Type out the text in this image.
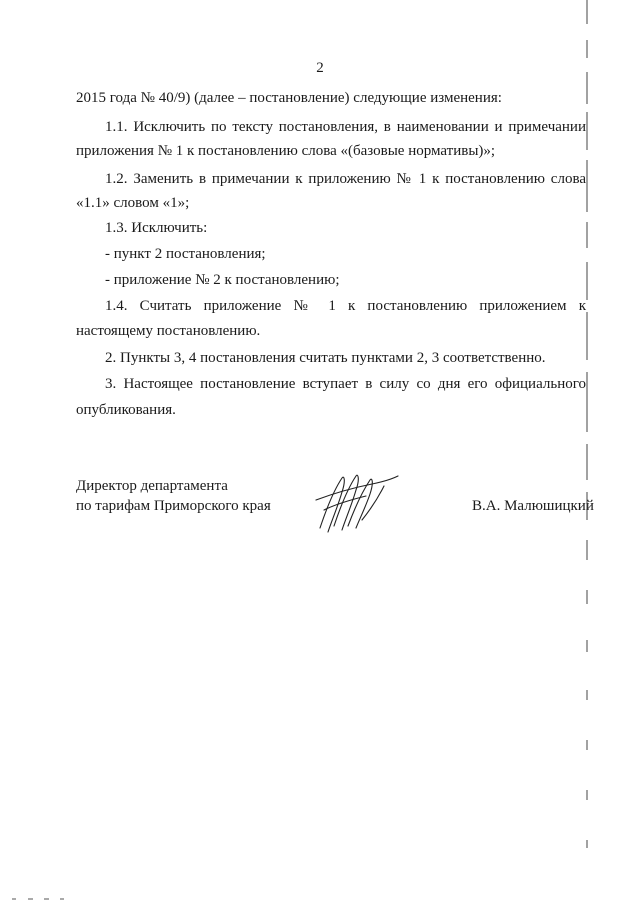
2
2015 года № 40/9) (далее – постановление) следующие изменения:
1.1. Исключить по тексту постановления, в наименовании и примечании
приложения № 1 к постановлению слова «(базовые нормативы)»;
1.2. Заменить в примечании к приложению № 1 к постановлению слова
«1.1» словом «1»;
1.3. Исключить:
- пункт 2 постановления;
- приложение № 2 к постановлению;
1.4. Считать приложение № 1 к постановлению приложением к
настоящему постановлению.
2. Пункты 3, 4 постановления считать пунктами 2, 3 соответственно.
3. Настоящее постановление вступает в силу со дня его официального
опубликования.
Директор департамента
по тарифам Приморского края	В.А. Малюшицкий
